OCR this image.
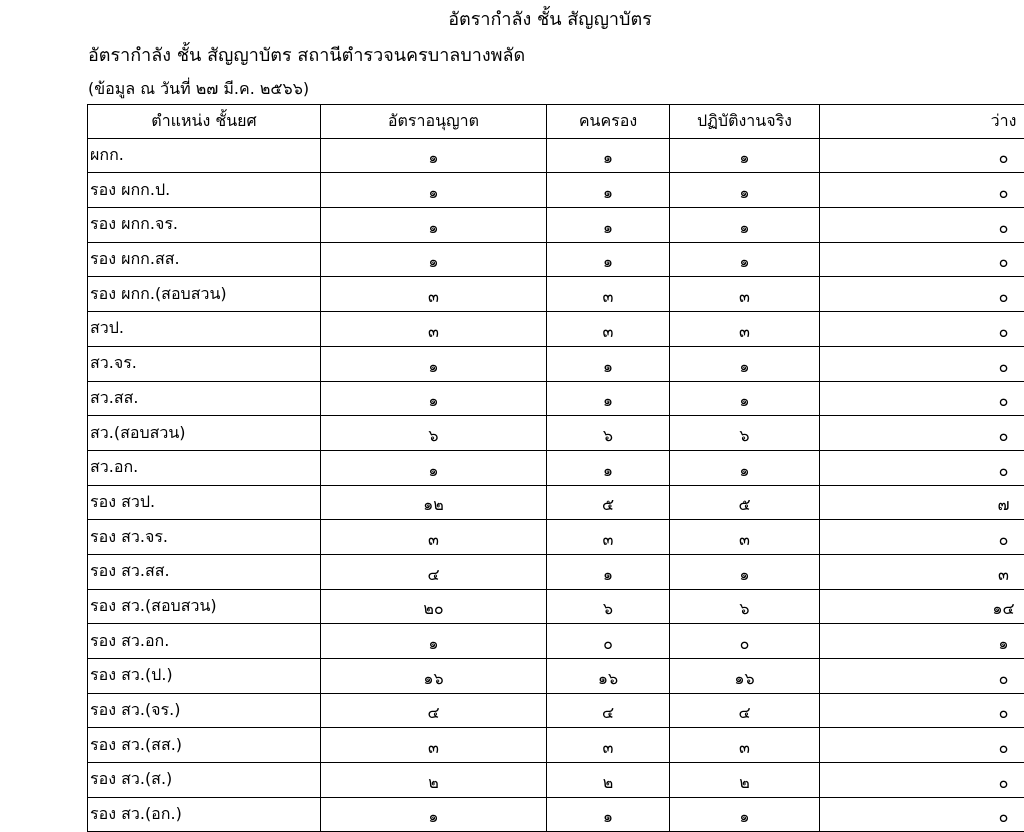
อัตรากำลัง ชั้น สัญญาบัตร
อัตรากำลัง ชั้น สัญญาบัตร สถานีตำรวจนครบาลบางพลัด
(ข้อมูล ณ วันที่ ๒๗ มี.ค. ๒๕๖๖)
ตำแหน่ง ชั้นยศ	อัตราอนุญาต	คนครอง	ปฏิบัติงานจริง	ว่าง
ผกก.	๑	๑	๑	๐
รอง ผกก.ป.	๑	๑	๑	๐
รอง ผกก.จร.	๑	๑	๑	๐
รอง ผกก.สส.	๑	๑	๑	๐
รอง ผกก.(สอบสวน)	๓	๓	๓	๐
สวป.	๓	๓	๓	๐
สว.จร.	๑	๑	๑	๐
สว.สส.	๑	๑	๑	๐
สว.(สอบสวน)	๖	๖	๖	๐
สว.อก.	๑	๑	๑	๐
รอง สวป.	๑๒	๕	๕	๗
รอง สว.จร.	๓	๓	๓	๐
รอง สว.สส.	๔	๑	๑	๓
รอง สว.(สอบสวน)	๒๐	๖	๖	๑๔
รอง สว.อก.	๑	๐	๐	๑
รอง สว.(ป.)	๑๖	๑๖	๑๖	๐
รอง สว.(จร.)	๔	๔	๔	๐
รอง สว.(สส.)	๓	๓	๓	๐
รอง สว.(ส.)	๒	๒	๒	๐
รอง สว.(อก.)	๑	๑	๑	๐
